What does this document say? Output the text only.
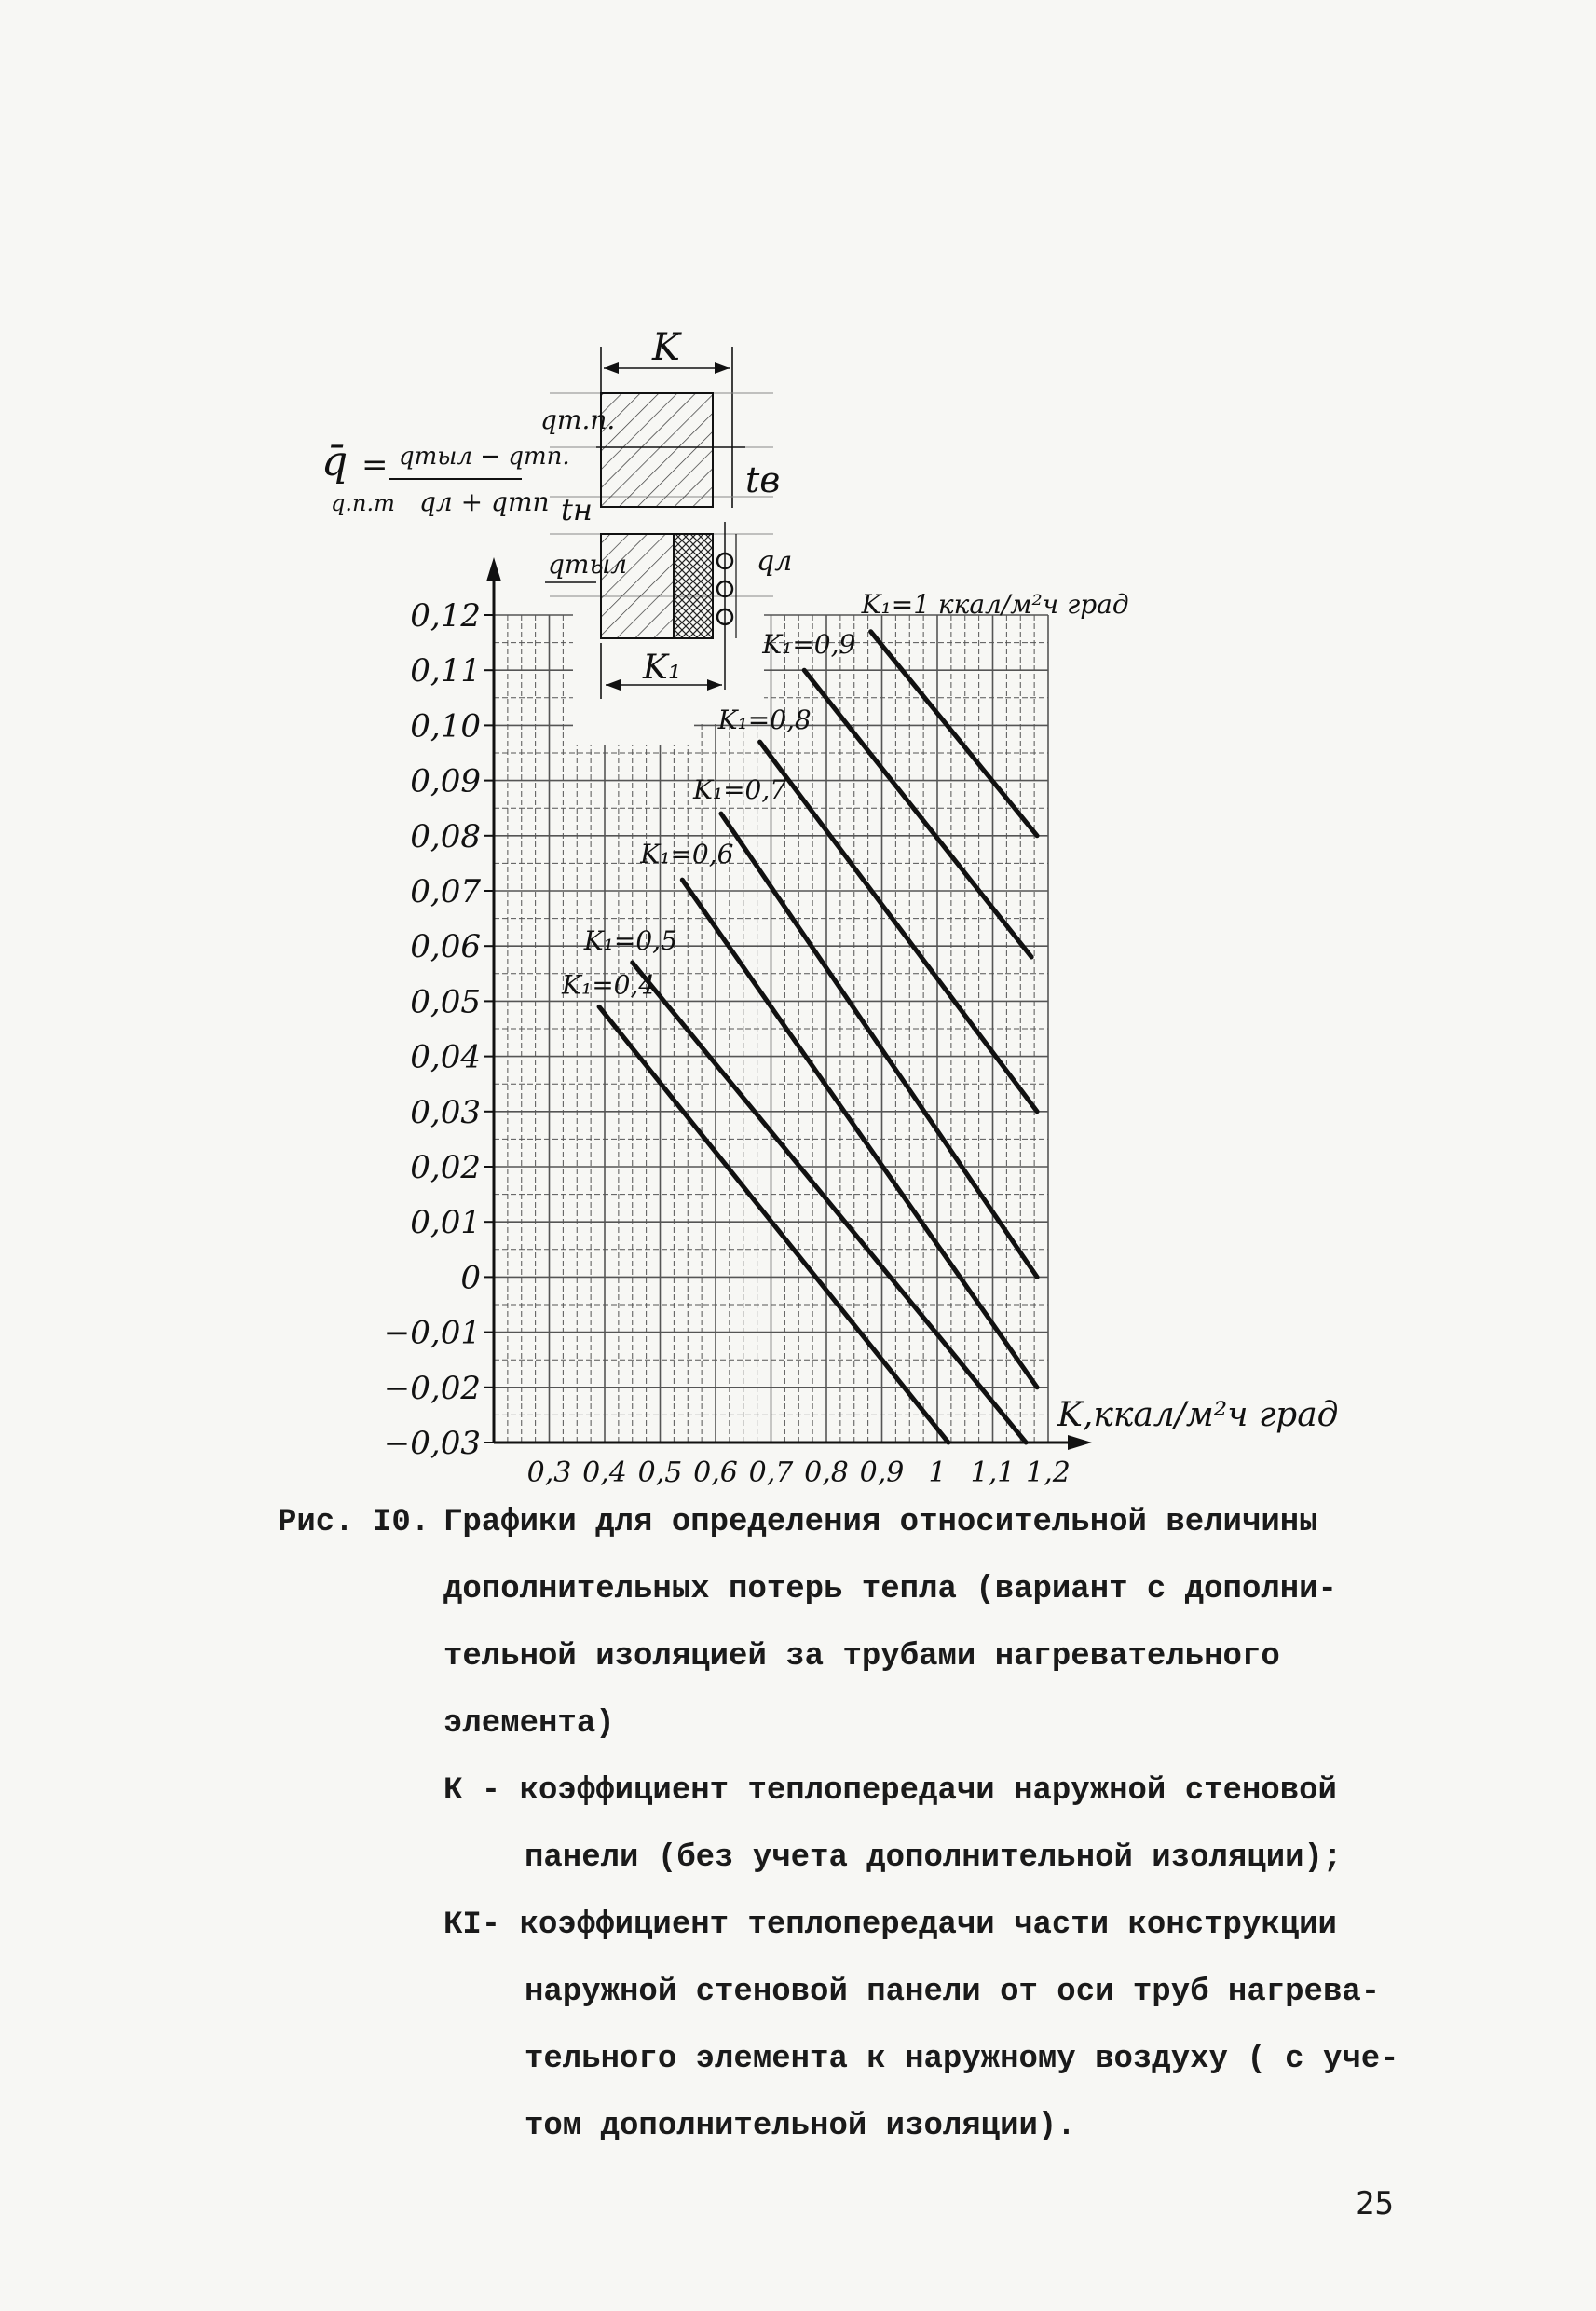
K₁=0,4
K₁=0,5
K₁=0,6
K₁=0,7
K₁=0,8
K₁=0,9
K₁=1 ккал/м²ч град
0,12
0,11
0,10
0,09
0,08
0,07
0,06
0,05
0,04
0,03
0,02
0,01
0
−0,01
−0,02
−0,03
0,3 0,4 0,5 0,6 0,7 0,8 0,9 1 1,1 1,2
q̄
q.п.т
= qтыл − qтп.
qл + qтп
K
qт.п.
tв
tн
qтыл	qл
K₁
K,ккал/м²ч град
Рис. I0. Графики для определения относительной величины
дополнительных потерь тепла (вариант с дополни-
тельной изоляцией за трубами нагревательного
элемента)
К - коэффициент теплопередачи наружной стеновой
панели (без учета дополнительной изоляции);
КI- коэффициент теплопередачи части конструкции
наружной стеновой панели от оси труб нагрева-
тельного элемента к наружному воздуху ( с уче-
том дополнительной изоляции).
25
